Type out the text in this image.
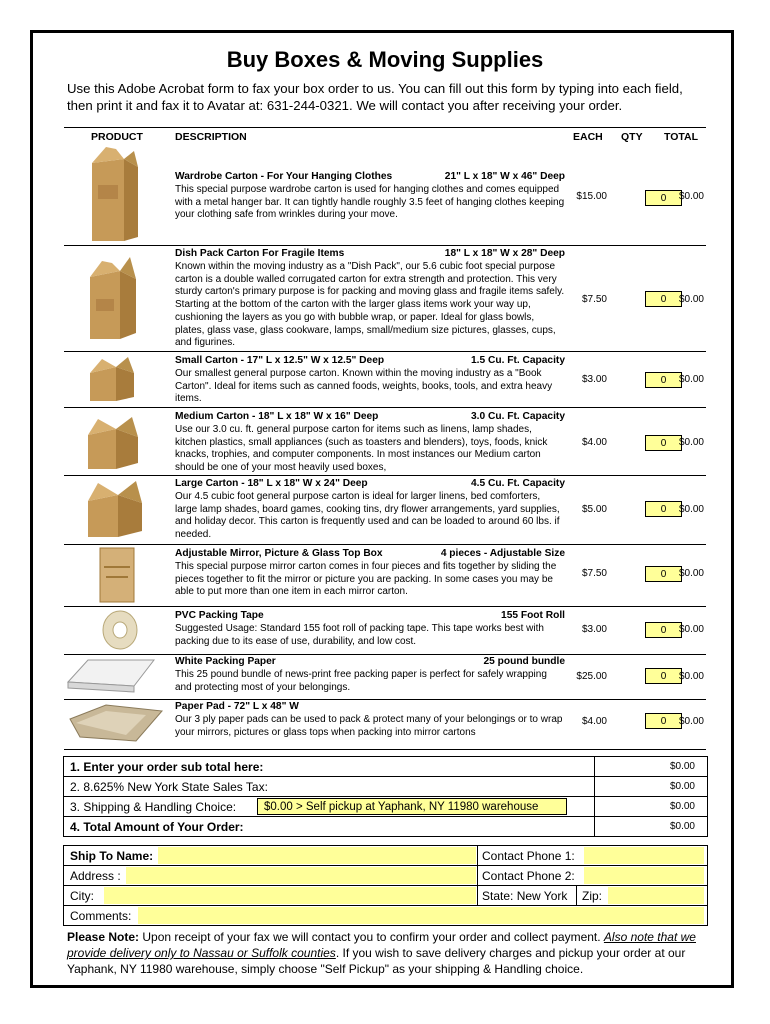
Buy Boxes & Moving Supplies
Use this Adobe Acrobat form to fax your box order to us. You can fill out this form by typing into each field, then print it and fax it to Avatar at: 631-244-0321. We will contact you after receiving your order.
PRODUCT	DESCRIPTION	EACH QTY TOTAL
Wardrobe Carton - For Your Hanging Clothes	21" L x 18" W x 46" Deep
This special purpose wardrobe carton is used for hanging clothes and comes equipped with a metal hanger bar. It can tightly handle roughly 3.5 feet of hanging clothes keeping your clothing safe from wrinkles during your move.
$15.00	0	$0.00
Dish Pack Carton For Fragile Items	18" L x 18" W x 28" Deep
Known within the moving industry as a "Dish Pack", our 5.6 cubic foot special purpose carton is a double walled corrugated carton for extra strength and protection. This very sturdy carton's primary purpose is for packing and moving glass and fragile items safely. Starting at the bottom of the carton with the larger glass items work your way up, cushioning the layers as you go with bubble wrap, or paper. Ideal for glass bowls, plates, glass vase, glass cookware, lamps, small/medium size pictures, glasses, cups, and figurines.
$7.50	0	$0.00
Small Carton - 17" L x 12.5" W x 12.5" Deep	1.5 Cu. Ft. Capacity
Our smallest general purpose carton. Known within the moving industry as a "Book Carton". Ideal for items such as canned foods, weights, books, tools, and extra heavy items.
$3.00	0	$0.00
Medium Carton - 18" L x 18" W x 16" Deep	3.0 Cu. Ft. Capacity
Use our 3.0 cu. ft. general purpose carton for items such as linens, lamp shades, kitchen plastics, small appliances (such as toasters and blenders), toys, foods, knick knacks, trophies, and computer components. In most instances our Medium carton should be one of your most heavily used boxes,
$4.00	0	$0.00
Large Carton - 18" L x 18" W x 24" Deep	4.5 Cu. Ft. Capacity
Our 4.5 cubic foot general purpose carton is ideal for larger linens, bed comforters, large lamp shades, board games, cooking tins, dry flower arrangements, yard supplies, and holiday decor. This carton is frequently used and can be loaded to around 60 lbs. if needed.
$5.00	0	$0.00
Adjustable Mirror, Picture & Glass Top Box	4 pieces - Adjustable Size
This special purpose mirror carton comes in four pieces and fits together by sliding the pieces together to fit the mirror or picture you are packing. In some cases you may be able to put more than one item in each mirror carton.
$7.50	0	$0.00
PVC Packing Tape	155 Foot Roll
Suggested Usage: Standard 155 foot roll of packing tape. This tape works best with packing due to its ease of use, durability, and low cost.
$3.00	0	$0.00
White Packing Paper	25 pound bundle
This 25 pound bundle of news-print free packing paper is perfect for safely wrapping and protecting most of your belongings.
$25.00	0	$0.00
Paper Pad - 72" L x 48" W
Our 3 ply paper pads can be used to pack & protect many of your belongings or to wrap your mirrors, pictures or glass tops when packing into mirror cartons
$4.00	0	$0.00
1. Enter your order sub total here:	$0.00
2. 8.625% New York State Sales Tax:	$0.00
3. Shipping & Handling Choice:	$0.00 > Self pickup at Yaphank, NY 11980 warehouse	$0.00
4. Total Amount of Your Order:	$0.00
Ship To Name:	Contact Phone 1:
Address :	Contact Phone 2:
City:	State: New York Zip:
Comments:
Please Note: Upon receipt of your fax we will contact you to confirm your order and collect payment. Also note that we provide delivery only to Nassau or Suffolk counties. If you wish to save delivery charges and pickup your order at our Yaphank, NY 11980 warehouse, simply choose "Self Pickup" as your shipping & Handling choice.
